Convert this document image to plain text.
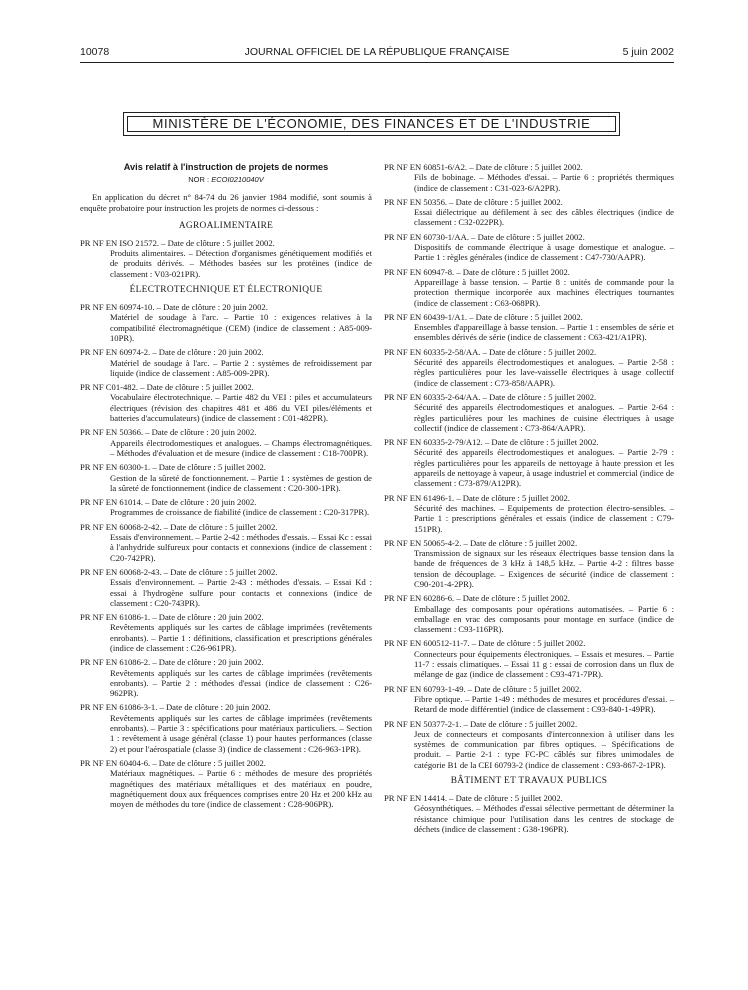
10078	JOURNAL OFFICIEL DE LA RÉPUBLIQUE FRANÇAISE	5 juin 2002
MINISTÈRE DE L'ÉCONOMIE, DES FINANCES ET DE L'INDUSTRIE

Avis relatif à l'instruction de projets de normes

NOR : ECOI0210040V

En application du décret n° 84-74 du 26 janvier 1984 modifié, sont soumis à enquête probatoire pour instruction les projets de normes ci-dessous :

AGROALIMENTAIRE
PR NF EN ISO 21572. – Date de clôture : 5 juillet 2002.
Produits alimentaires. – Détection d'organismes génétiquement modifiés et de produits dérivés. – Méthodes basées sur les protéines (indice de classement : V03-021PR).
ÉLECTROTECHNIQUE ET ÉLECTRONIQUE
PR NF EN 60974-10. – Date de clôture : 20 juin 2002.
Matériel de soudage à l'arc. – Partie 10 : exigences relatives à la compatibilité électromagnétique (CEM) (indice de classement : A85-009-10PR).
PR NF EN 60974-2. – Date de clôture : 20 juin 2002.
Matériel de soudage à l'arc. – Partie 2 : systèmes de refroidissement par liquide (indice de classement : A85-009-2PR).
PR NF C01-482. – Date de clôture : 5 juillet 2002.
Vocabulaire électrotechnique. – Partie 482 du VEI : piles et accumulateurs électriques (révision des chapitres 481 et 486 du VEI piles/éléments et batteries d'accumulateurs) (indice de classement : C01-482PR).
PR NF EN 50366. – Date de clôture : 20 juin 2002.
Appareils électrodomestiques et analogues. – Champs électromagnétiques. – Méthodes d'évaluation et de mesure (indice de classement : C18-700PR).
PR NF EN 60300-1. – Date de clôture : 5 juillet 2002.
Gestion de la sûreté de fonctionnement. – Partie 1 : systèmes de gestion de la sûreté de fonctionnement (indice de classement : C20-300-1PR).
PR NF EN 61014. – Date de clôture : 20 juin 2002.
Programmes de croissance de fiabilité (indice de classement : C20-317PR).
PR NF EN 60068-2-42. – Date de clôture : 5 juillet 2002.
Essais d'environnement. – Partie 2-42 : méthodes d'essais. – Essai Kc : essai à l'anhydride sulfureux pour contacts et connexions (indice de classement : C20-742PR).
PR NF EN 60068-2-43. – Date de clôture : 5 juillet 2002.
Essais d'environnement. – Partie 2-43 : méthodes d'essais. – Essai Kd : essai à l'hydrogène sulfure pour contacts et connexions (indice de classement : C20-743PR).
PR NF EN 61086-1. – Date de clôture : 20 juin 2002.
Revêtements appliqués sur les cartes de câblage imprimées (revêtements enrobants). – Partie 1 : définitions, classification et prescriptions générales (indice de classement : C26-961PR).
PR NF EN 61086-2. – Date de clôture : 20 juin 2002.
Revêtements appliqués sur les cartes de câblage imprimées (revêtements enrobants). – Partie 2 : méthodes d'essai (indice de classement : C26-962PR).
PR NF EN 61086-3-1. – Date de clôture : 20 juin 2002.
Revêtements appliqués sur les cartes de câblage imprimées (revêtements enrobants). – Partie 3 : spécifications pour matériaux particuliers. – Section 1 : revêtement à usage général (classe 1) pour hautes performances (classe 2) et pour l'aérospatiale (classe 3) (indice de classement : C26-963-1PR).
PR NF EN 60404-6. – Date de clôture : 5 juillet 2002.
Matériaux magnétiques. – Partie 6 : méthodes de mesure des propriétés magnétiques des matériaux métalliques et des matériaux en poudre, magnétiquement doux aux fréquences comprises entre 20 Hz et 200 kHz au moyen de méthodes du tore (indice de classement : C28-906PR).
PR NF EN 60851-6/A2. – Date de clôture : 5 juillet 2002.
Fils de bobinage. – Méthodes d'essai. – Partie 6 : propriétés thermiques (indice de classement : C31-023-6/A2PR).
PR NF EN 50356. – Date de clôture : 5 juillet 2002.
Essai diélectrique au défilement à sec des câbles électriques (indice de classement : C32-022PR).
PR NF EN 60730-1/AA. – Date de clôture : 5 juillet 2002.
Dispositifs de commande électrique à usage domestique et analogue. – Partie 1 : règles générales (indice de classement : C47-730/AAPR).
PR NF EN 60947-8. – Date de clôture : 5 juillet 2002.
Appareillage à basse tension. – Partie 8 : unités de commande pour la protection thermique incorporée aux machines électriques tournantes (indice de classement : C63-068PR).
PR NF EN 60439-1/A1. – Date de clôture : 5 juillet 2002.
Ensembles d'appareillage à basse tension. – Partie 1 : ensembles de série et ensembles dérivés de série (indice de classement : C63-421/A1PR).
PR NF EN 60335-2-58/AA. – Date de clôture : 5 juillet 2002.
Sécurité des appareils électrodomestiques et analogues. – Partie 2-58 : règles particulières pour les lave-vaisselle électriques à usage collectif (indice de classement : C73-858/AAPR).
PR NF EN 60335-2-64/AA. – Date de clôture : 5 juillet 2002.
Sécurité des appareils électrodomestiques et analogues. – Partie 2-64 : règles particulières pour les machines de cuisine électriques à usage collectif (indice de classement : C73-864/AAPR).
PR NF EN 60335-2-79/A12. – Date de clôture : 5 juillet 2002.
Sécurité des appareils électrodomestiques et analogues. – Partie 2-79 : règles particulières pour les appareils de nettoyage à haute pression et les appareils de nettoyage à vapeur, à usage industriel et commercial (indice de classement : C73-879/A12PR).
PR NF EN 61496-1. – Date de clôture : 5 juillet 2002.
Sécurité des machines. – Equipements de protection électro-sensibles. – Partie 1 : prescriptions générales et essais (indice de classement : C79-151PR).
PR NF EN 50065-4-2. – Date de clôture : 5 juillet 2002.
Transmission de signaux sur les réseaux électriques basse tension dans la bande de fréquences de 3 kHz à 148,5 kHz. – Partie 4-2 : filtres basse tension de découplage. – Exigences de sécurité (indice de classement : C90-201-4-2PR).
PR NF EN 60286-6. – Date de clôture : 5 juillet 2002.
Emballage des composants pour opérations automatisées. – Partie 6 : emballage en vrac des composants pour montage en surface (indice de classement : C93-116PR).
PR NF EN 600512-11-7. – Date de clôture : 5 juillet 2002.
Connecteurs pour équipements électroniques. – Essais et mesures. – Partie 11-7 : essais climatiques. – Essai 11 g : essai de corrosion dans un flux de mélange de gaz (indice de classement : C93-471-7PR).
PR NF EN 60793-1-49. – Date de clôture : 5 juillet 2002.
Fibre optique. – Partie 1-49 : méthodes de mesures et procédures d'essai. – Retard de mode différentiel (indice de classement : C93-840-1-49PR).
PR NF EN 50377-2-1. – Date de clôture : 5 juillet 2002.
Jeux de connecteurs et composants d'interconnexion à utiliser dans les systèmes de communication par fibres optiques. – Spécifications de produit. – Partie 2-1 : type FC-PC câblés sur fibres unimodales de catégorie B1 de la CEI 60793-2 (indice de classement : C93-867-2-1PR).
BÂTIMENT ET TRAVAUX PUBLICS
PR NF EN 14414. – Date de clôture : 5 juillet 2002.
Géosynthétiques. – Méthodes d'essai sélective permettant de déterminer la résistance chimique pour l'utilisation dans les centres de stockage de déchets (indice de classement : G38-196PR).
